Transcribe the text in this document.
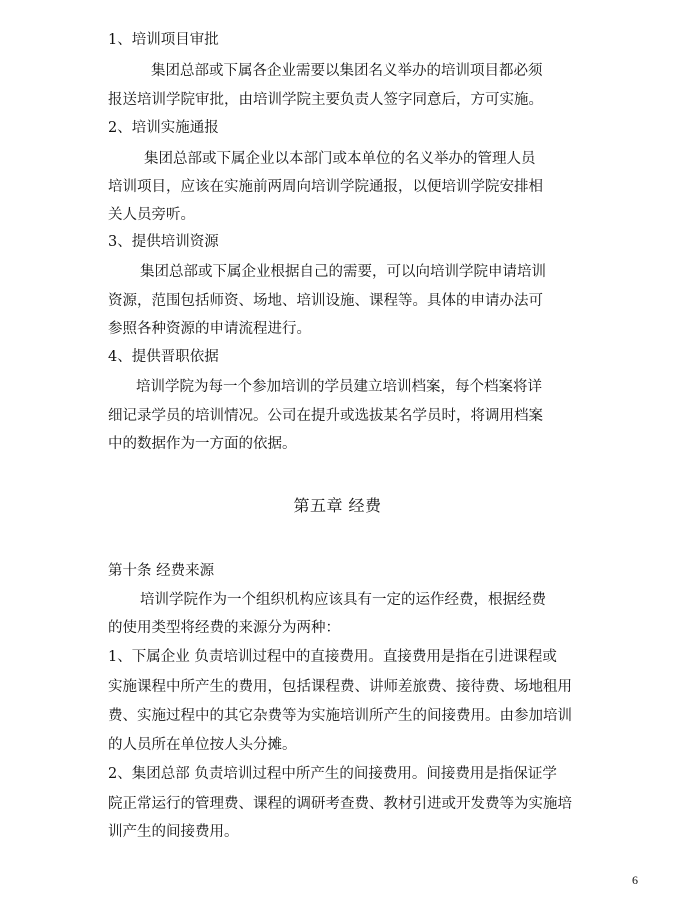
1、培训项目审批

集团总部或下属各企业需要以集团名义举办的培训项目都必须

报送培训学院审批，由培训学院主要负责人签字同意后，方可实施。

2、培训实施通报

集团总部或下属企业以本部门或本单位的名义举办的管理人员

培训项目，应该在实施前两周向培训学院通报，以便培训学院安排相

关人员旁听。

3、提供培训资源

集团总部或下属企业根据自己的需要，可以向培训学院申请培训

资源，范围包括师资、场地、培训设施、课程等。具体的申请办法可

参照各种资源的申请流程进行。

4、提供晋职依据

培训学院为每一个参加培训的学员建立培训档案，每个档案将详

细记录学员的培训情况。公司在提升或选拔某名学员时，将调用档案

中的数据作为一方面的依据。

第五章 经费

第十条 经费来源

培训学院作为一个组织机构应该具有一定的运作经费，根据经费

的使用类型将经费的来源分为两种：

1、下属企业 负责培训过程中的直接费用。直接费用是指在引进课程或

实施课程中所产生的费用，包括课程费、讲师差旅费、接待费、场地租用

费、实施过程中的其它杂费等为实施培训所产生的间接费用。由参加培训

的人员所在单位按人头分摊。

2、集团总部 负责培训过程中所产生的间接费用。间接费用是指保证学

院正常运行的管理费、课程的调研考查费、教材引进或开发费等为实施培

训产生的间接费用。

6
